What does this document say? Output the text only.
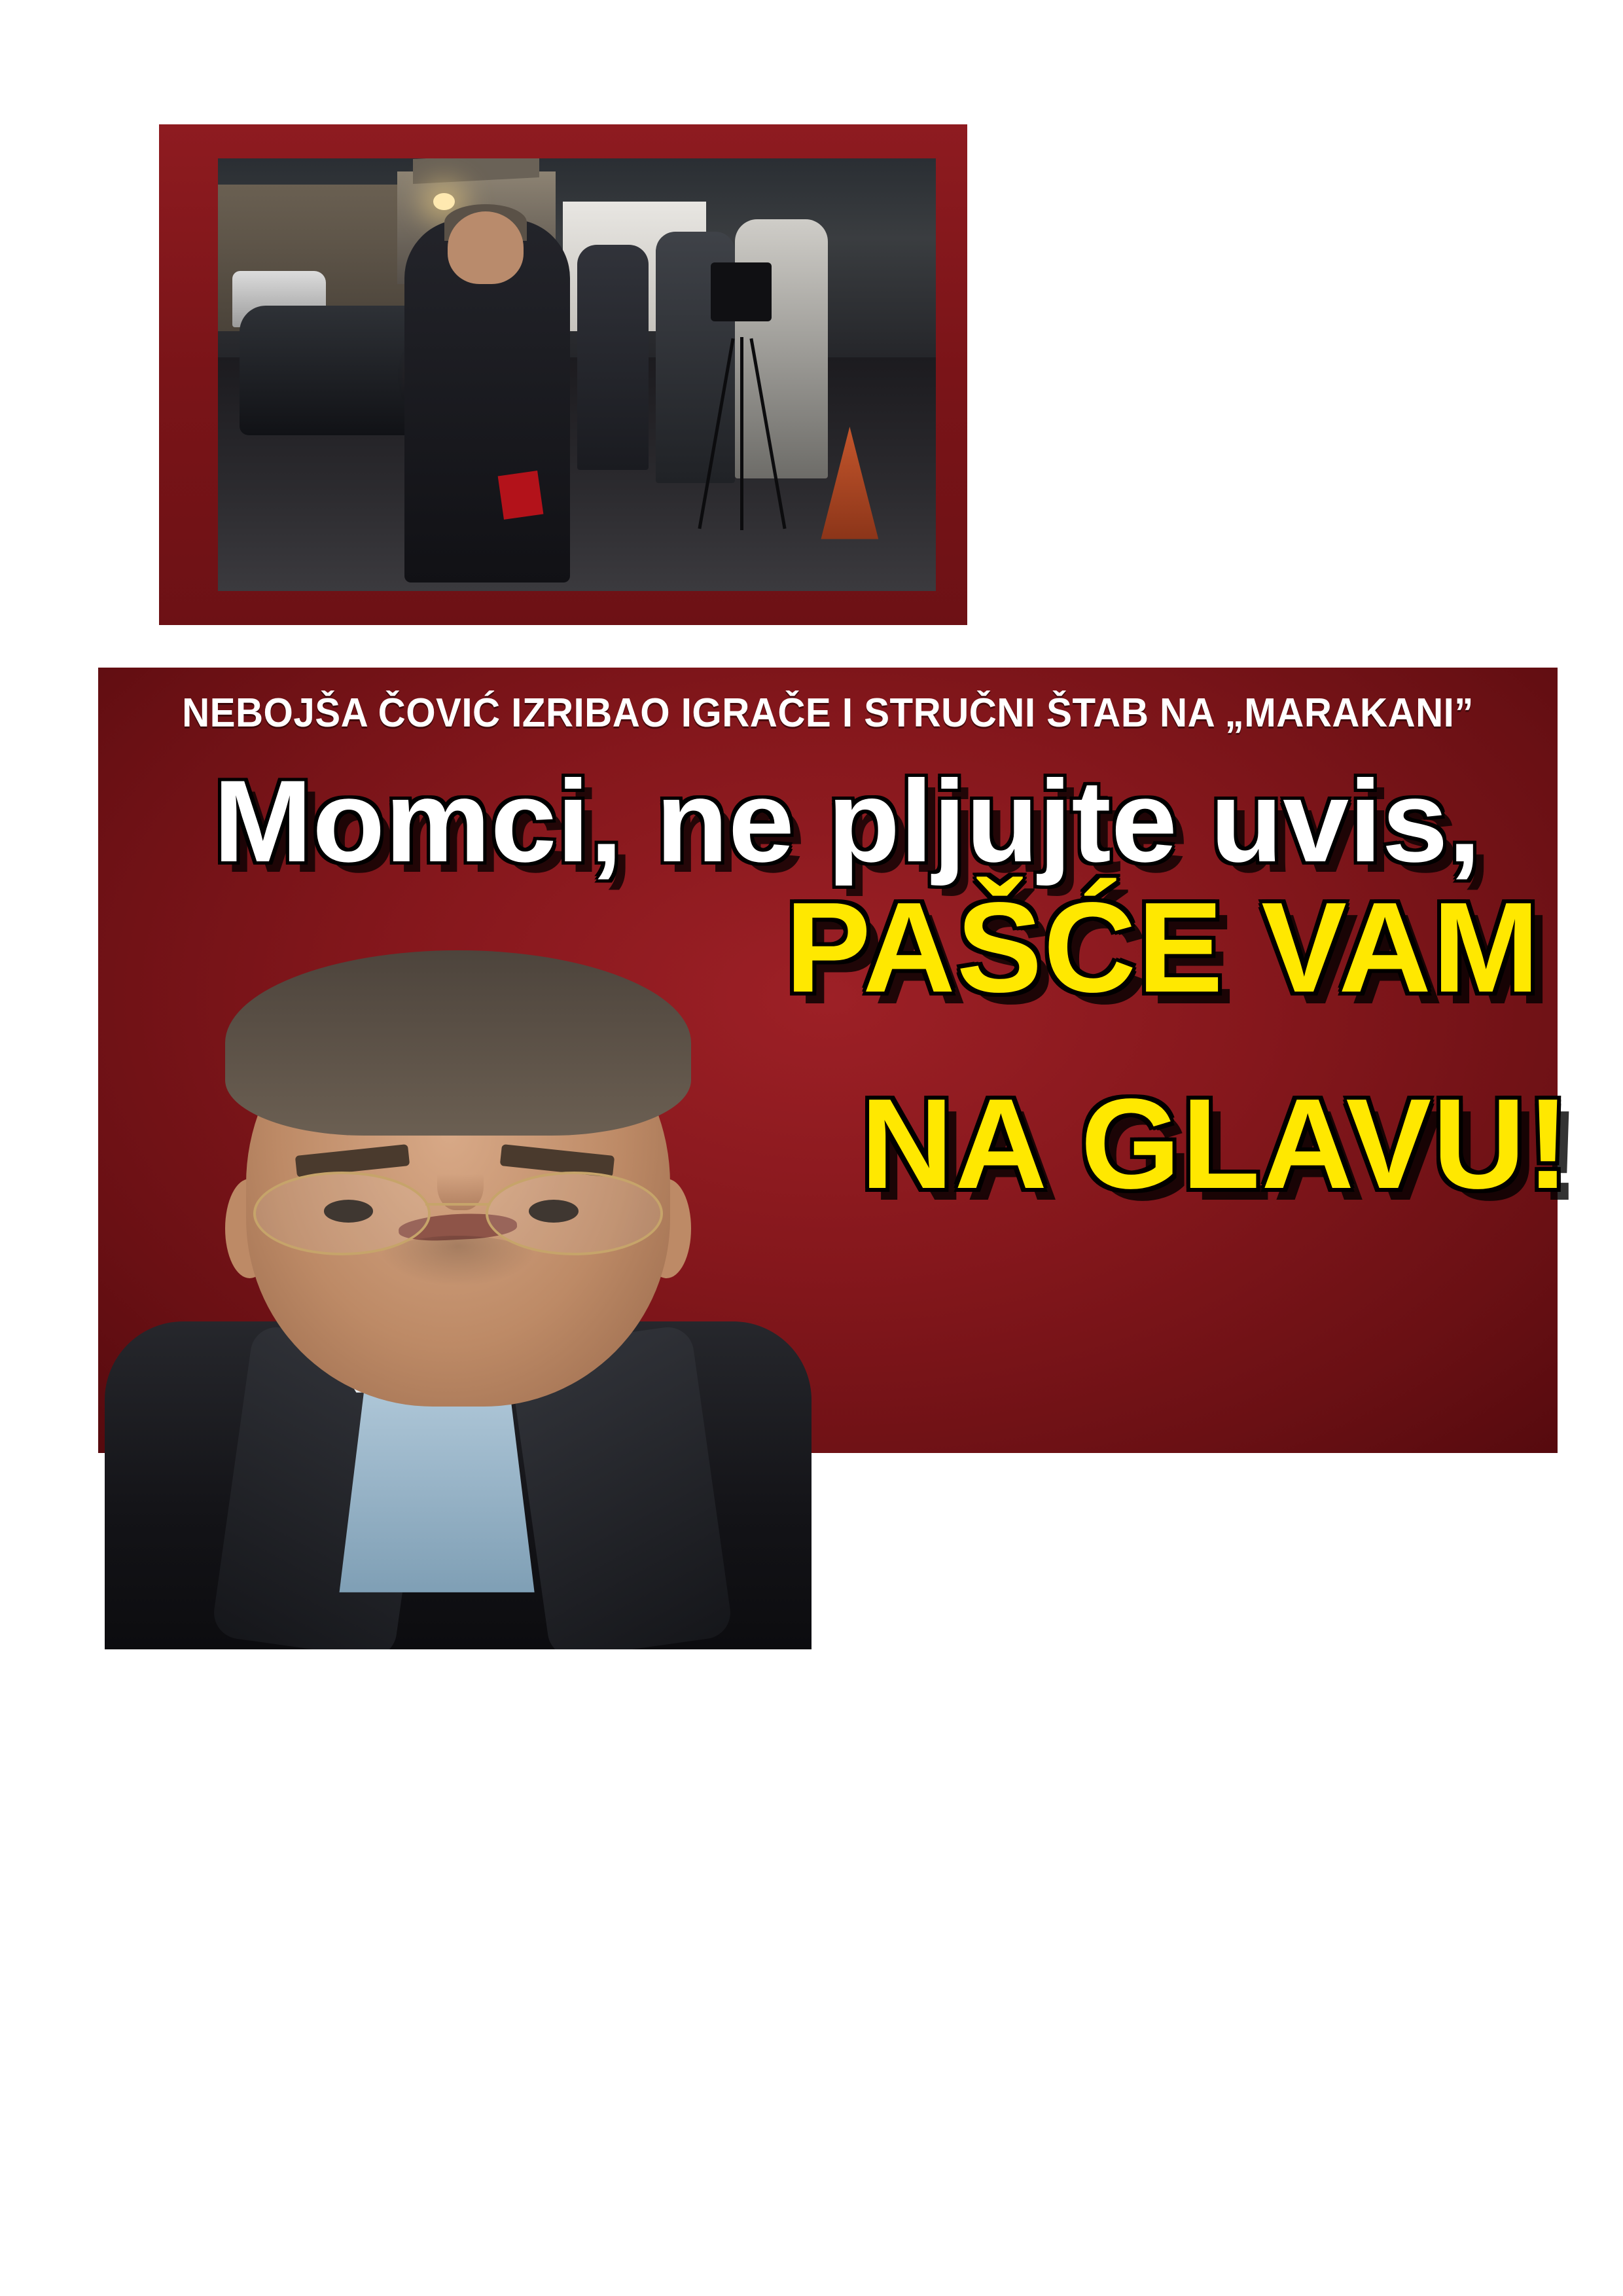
NEBOJŠA ČOVIĆ IZRIBAO IGRAČE I STRUČNI ŠTAB NA „MARAKANI”
Momci, ne pljujte uvis,
PAŠĆE VAM
NA GLAVU!
